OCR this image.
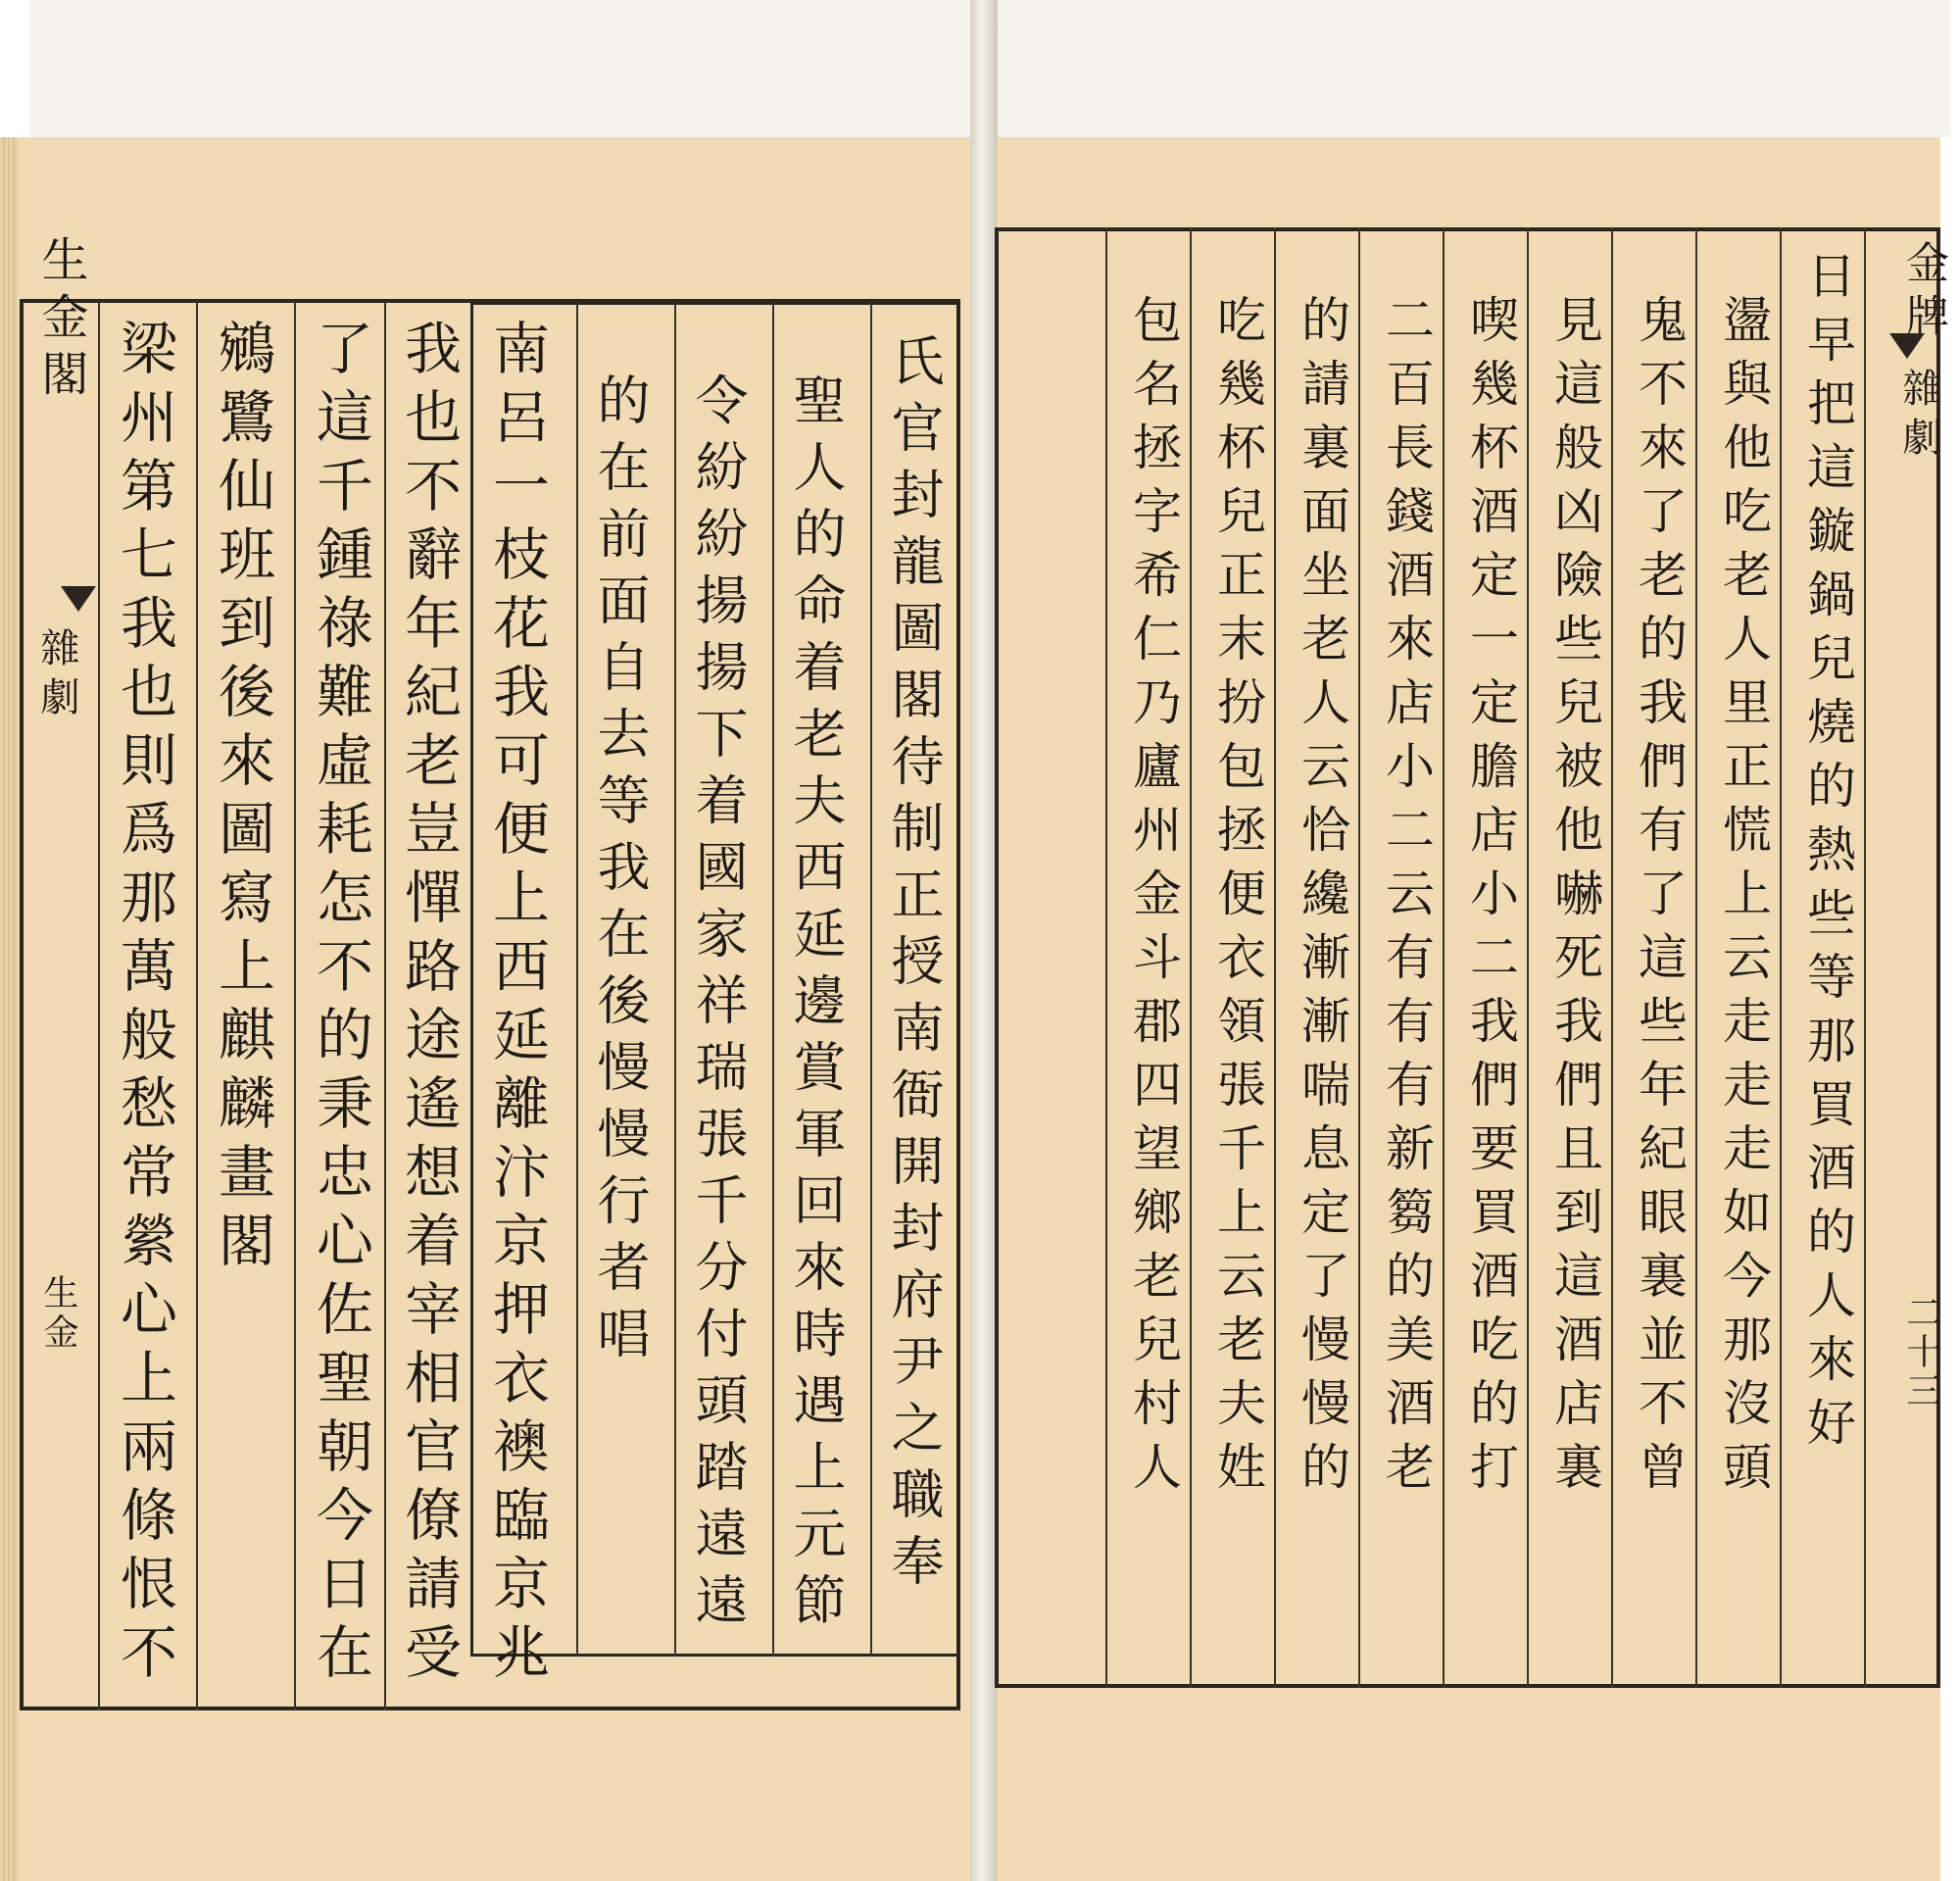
金牌
雜劇
二十三
日早把這鏇鍋兒燒的熱些等那買酒的人來好
盪與他吃老人里正慌上云走走走如今那沒頭
鬼不來了老的我們有了這些年紀眼裏並不曾
見這般凶險些兒被他嚇死我們且到這酒店裏
喫幾杯酒定一定膽店小二我們要買酒吃的打
二百長錢酒來店小二云有有有新篘的美酒老
的請裏面坐老人云恰纔漸漸喘息定了慢慢的
吃幾杯兒正末扮包拯便衣領張千上云老夫姓
包名拯字希仁乃廬州金斗郡四望鄉老兒村人
生金閣
雜劇
生金	氏官封龍圖閣待制正授南衙開封府尹之職奉
聖人的命着老夫西延邊賞軍回來時遇上元節
令紛紛揚揚下着國家祥瑞張千分付頭踏遠遠
的在前面自去等我在後慢慢行者唱
南呂一枝花我可便上西延離汴京押衣襖臨京兆
我也不辭年紀老豈憚路途遙想着宰相官僚請受
了這千鍾祿難虛耗怎不的秉忠心佐聖朝今日在
鵷鷺仙班到後來圖寫上麒麟畫閣
梁州第七我也則爲那萬般愁常縈心上兩條恨不
